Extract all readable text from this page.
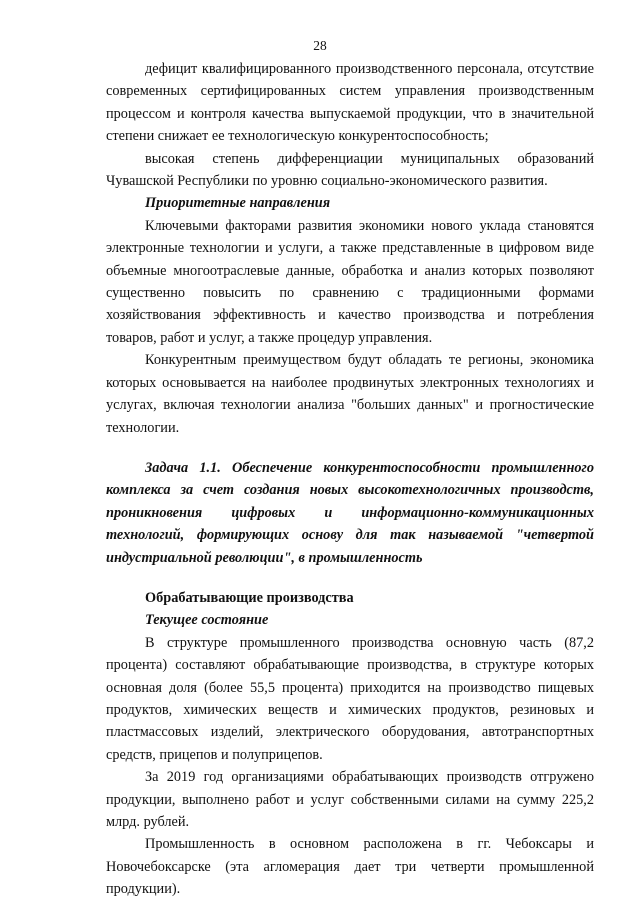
28

дефицит квалифицированного производственного персонала, отсутствие современных сертифицированных систем управления производственным процессом и контроля качества выпускаемой продукции, что в значительной степени снижает ее технологическую конкурентоспособность;

высокая степень дифференциации муниципальных образований Чувашской Республики по уровню социально-экономического развития.

Приоритетные направления

Ключевыми факторами развития экономики нового уклада становятся электронные технологии и услуги, а также представленные в цифровом виде объемные многоотраслевые данные, обработка и анализ которых позволяют существенно повысить по сравнению с традиционными формами хозяйствования эффективность и качество производства и потребления товаров, работ и услуг, а также процедур управления.

Конкурентным преимуществом будут обладать те регионы, экономика которых основывается на наиболее продвинутых электронных технологиях и услугах, включая технологии анализа "больших данных" и прогностические технологии.

Задача 1.1. Обеспечение конкурентоспособности промышленного комплекса за счет создания новых высокотехнологичных производств, проникновения цифровых и информационно-коммуникационных технологий, формирующих основу для так называемой "четвертой индустриальной революции", в промышленность

Обрабатывающие производства

Текущее состояние

В структуре промышленного производства основную часть (87,2 процента) составляют обрабатывающие производства, в структуре которых основная доля (более 55,5 процента) приходится на производство пищевых продуктов, химических веществ и химических продуктов, резиновых и пластмассовых изделий, электрического оборудования, автотранспортных средств, прицепов и полуприцепов.

За 2019 год организациями обрабатывающих производств отгружено продукции, выполнено работ и услуг собственными силами на сумму 225,2 млрд. рублей.

Промышленность в основном расположена в гг. Чебоксары и Новочебоксарске (эта агломерация дает три четверти промышленной продукции).
